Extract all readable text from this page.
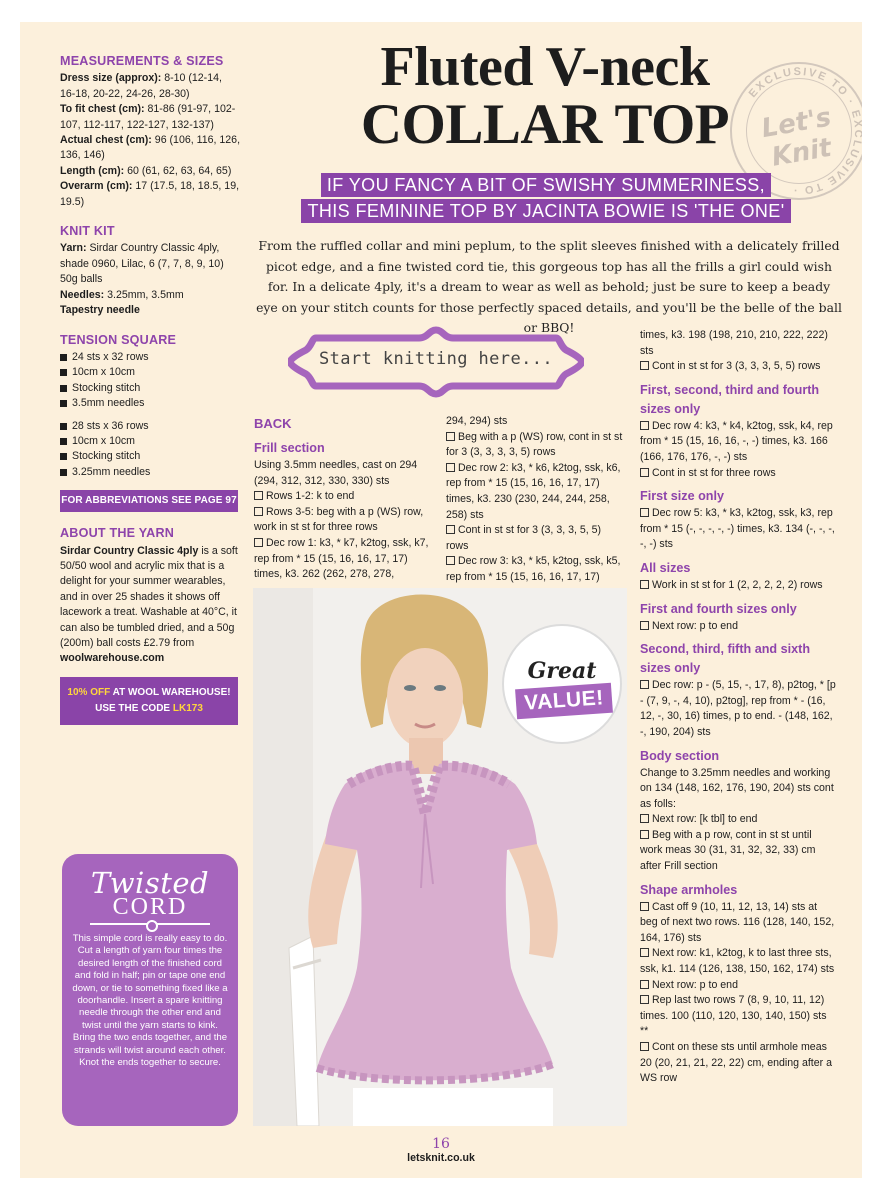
MEASUREMENTS & SIZES

Dress size (approx): 8-10 (12-14, 16-18, 20-22, 24-26, 28-30)

To fit chest (cm): 81-86 (91-97, 102-107, 112-117, 122-127, 132-137)

Actual chest (cm): 96 (106, 116, 126, 136, 146)

Length (cm): 60 (61, 62, 63, 64, 65)

Overarm (cm): 17 (17.5, 18, 18.5, 19, 19.5)

KNIT KIT

Yarn: Sirdar Country Classic 4ply, shade 0960, Lilac, 6 (7, 7, 8, 9, 10) 50g balls

Needles: 3.25mm, 3.5mm

Tapestry needle

TENSION SQUARE
24 sts x 32 rows
10cm x 10cm
Stocking stitch
3.5mm needles
28 sts x 36 rows
10cm x 10cm
Stocking stitch
3.25mm needles
FOR ABBREVIATIONS SEE PAGE 97
ABOUT THE YARN

Sirdar Country Classic 4ply is a soft 50/50 wool and acrylic mix that is a delight for your summer wearables, and in over 25 shades it shows off lacework a treat. Washable at 40°C, it can also be tumbled dried, and a 50g (200m) ball costs £2.79 from woolwarehouse.com

10% OFF AT WOOL WAREHOUSE!
USE THE CODE LK173
Twisted
CORD

This simple cord is really easy to do. Cut a length of yarn four times the desired length of the finished cord and fold in half; pin or tape one end down, or tie to something fixed like a doorhandle. Insert a spare knitting needle through the other end and twist until the yarn starts to kink. Bring the two ends together, and the strands will twist around each other. Knot the ends together to secure.

Fluted V-neck
COLLAR TOP
EXCLUSIVE TO · EXCLUSIVE TO ·
Let's Knit
IF YOU FANCY A BIT OF SWISHY SUMMERINESS,
THIS FEMININE TOP BY JACINTA BOWIE IS 'THE ONE'
From the ruffled collar and mini peplum, to the split sleeves finished with a delicately frilled picot edge, and a fine twisted cord tie, this gorgeous top has all the frills a girl could wish for. In a delicate 4ply, it's a dream to wear as well as behold; just be sure to keep a beady eye on your stitch counts for those perfectly spaced details, and you'll be the belle of the ball or BBQ!
Start knitting here...
BACK
Frill section

Using 3.5mm needles, cast on 294 (294, 312, 312, 330, 330) sts

Rows 1-2: k to end

Rows 3-5: beg with a p (WS) row, work in st st for three rows

Dec row 1: k3, * k7, k2tog, ssk, k7, rep from * 15 (15, 16, 16, 17, 17) times, k3. 262 (262, 278, 278,

294, 294) sts

Beg with a p (WS) row, cont in st st for 3 (3, 3, 3, 3, 5) rows

Dec row 2: k3, * k6, k2tog, ssk, k6, rep from * 15 (15, 16, 16, 17, 17) times, k3. 230 (230, 244, 244, 258, 258) sts

Cont in st st for 3 (3, 3, 3, 5, 5) rows

Dec row 3: k3, * k5, k2tog, ssk, k5, rep from * 15 (15, 16, 16, 17, 17)

times, k3. 198 (198, 210, 210, 222, 222) sts

Cont in st st for 3 (3, 3, 3, 5, 5) rows

First, second, third and fourth sizes only

Dec row 4: k3, * k4, k2tog, ssk, k4, rep from * 15 (15, 16, 16, -, -) times, k3. 166 (166, 176, 176, -, -) sts

Cont in st st for three rows

First size only

Dec row 5: k3, * k3, k2tog, ssk, k3, rep from * 15 (-, -, -, -, -) times, k3. 134 (-, -, -, -, -) sts

All sizes

Work in st st for 1 (2, 2, 2, 2, 2) rows

First and fourth sizes only

Next row: p to end

Second, third, fifth and sixth sizes only

Dec row: p - (5, 15, -, 17, 8), p2tog, * [p - (7, 9, -, 4, 10), p2tog], rep from * - (16, 12, -, 30, 16) times, p to end. - (148, 162, -, 190, 204) sts

Body section

Change to 3.25mm needles and working on 134 (148, 162, 176, 190, 204) sts cont as folls:

Next row: [k tbl] to end

Beg with a p row, cont in st st until work meas 30 (31, 31, 32, 32, 33) cm after Frill section

Shape armholes

Cast off 9 (10, 11, 12, 13, 14) sts at beg of next two rows. 116 (128, 140, 152, 164, 176) sts

Next row: k1, k2tog, k to last three sts, ssk, k1. 114 (126, 138, 150, 162, 174) sts

Next row: p to end

Rep last two rows 7 (8, 9, 10, 11, 12) times. 100 (110, 120, 130, 140, 150) sts **

Cont on these sts until armhole meas 20 (20, 21, 21, 22, 22) cm, ending after a WS row

Great
VALUE!
16
letsknit.co.uk
